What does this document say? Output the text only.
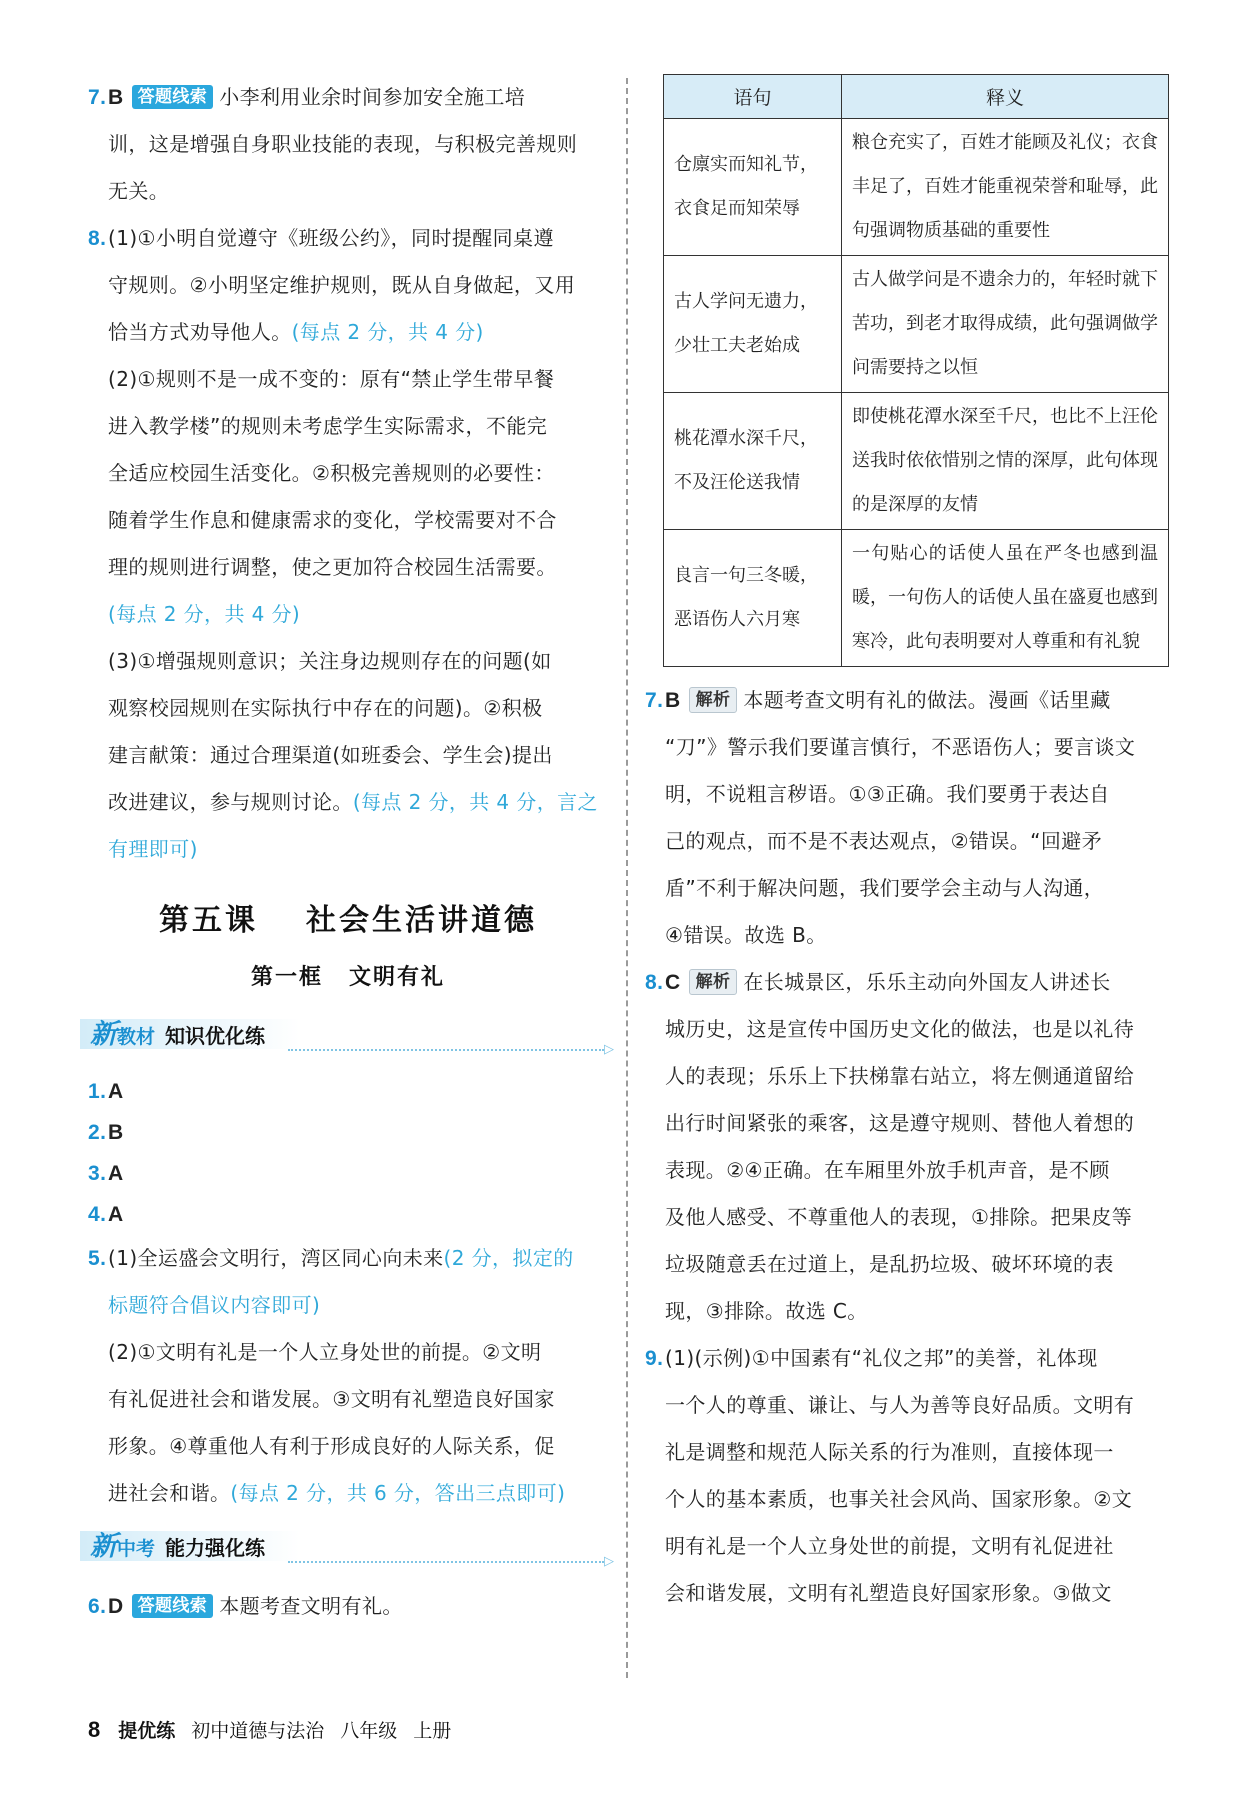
7.B 答题线索 小李利用业余时间参加安全施工培
训，这是增强自身职业技能的表现，与积极完善规则
无关。
8.(1)①小明自觉遵守《班级公约》，同时提醒同桌遵
守规则。②小明坚定维护规则，既从自身做起，又用
恰当方式劝导他人。(每点 2 分，共 4 分)
(2)①规则不是一成不变的：原有“禁止学生带早餐
进入教学楼”的规则未考虑学生实际需求，不能完
全适应校园生活变化。②积极完善规则的必要性：
随着学生作息和健康需求的变化，学校需要对不合
理的规则进行调整，使之更加符合校园生活需要。
(每点 2 分，共 4 分)
(3)①增强规则意识；关注身边规则存在的问题(如
观察校园规则在实际执行中存在的问题)。②积极
建言献策：通过合理渠道(如班委会、学生会)提出
改进建议，参与规则讨论。(每点 2 分，共 4 分，言之
有理即可)
第五课 社会生活讲道德
第一框 文明有礼
▷
新教材 知识优化练
1.A
2.B
3.A
4.A
5.(1)全运盛会文明行，湾区同心向未来(2 分，拟定的
标题符合倡议内容即可)
(2)①文明有礼是一个人立身处世的前提。②文明
有礼促进社会和谐发展。③文明有礼塑造良好国家
形象。④尊重他人有利于形成良好的人际关系，促
进社会和谐。(每点 2 分，共 6 分，答出三点即可)
▷
新中考 能力强化练
6.D 答题线索 本题考查文明有礼。
语句	释义
仓廪实而知礼节，
衣食足而知荣辱	粮仓充实了，百姓才能顾及礼仪；衣食丰足了，百姓才能重视荣誉和耻辱，此句强调物质基础的重要性
古人学问无遗力，
少壮工夫老始成	古人做学问是不遗余力的，年轻时就下苦功，到老才取得成绩，此句强调做学问需要持之以恒
桃花潭水深千尺，
不及汪伦送我情	即使桃花潭水深至千尺，也比不上汪伦送我时依依惜别之情的深厚，此句体现的是深厚的友情
良言一句三冬暖，
恶语伤人六月寒	一句贴心的话使人虽在严冬也感到温暖，一句伤人的话使人虽在盛夏也感到寒冷，此句表明要对人尊重和有礼貌
7.B 解析 本题考查文明有礼的做法。漫画《话里藏
“刀”》警示我们要谨言慎行，不恶语伤人；要言谈文
明，不说粗言秽语。①③正确。我们要勇于表达自
己的观点，而不是不表达观点，②错误。“回避矛
盾”不利于解决问题，我们要学会主动与人沟通，
④错误。故选 B。
8.C 解析 在长城景区，乐乐主动向外国友人讲述长
城历史，这是宣传中国历史文化的做法，也是以礼待
人的表现；乐乐上下扶梯靠右站立，将左侧通道留给
出行时间紧张的乘客，这是遵守规则、替他人着想的
表现。②④正确。在车厢里外放手机声音，是不顾
及他人感受、不尊重他人的表现，①排除。把果皮等
垃圾随意丢在过道上，是乱扔垃圾、破坏环境的表
现，③排除。故选 C。
9.(1)(示例)①中国素有“礼仪之邦”的美誉，礼体现
一个人的尊重、谦让、与人为善等良好品质。文明有
礼是调整和规范人际关系的行为准则，直接体现一
个人的基本素质，也事关社会风尚、国家形象。②文
明有礼是一个人立身处世的前提，文明有礼促进社
会和谐发展，文明有礼塑造良好国家形象。③做文
8 提优练 初中道德与法治 八年级 上册
